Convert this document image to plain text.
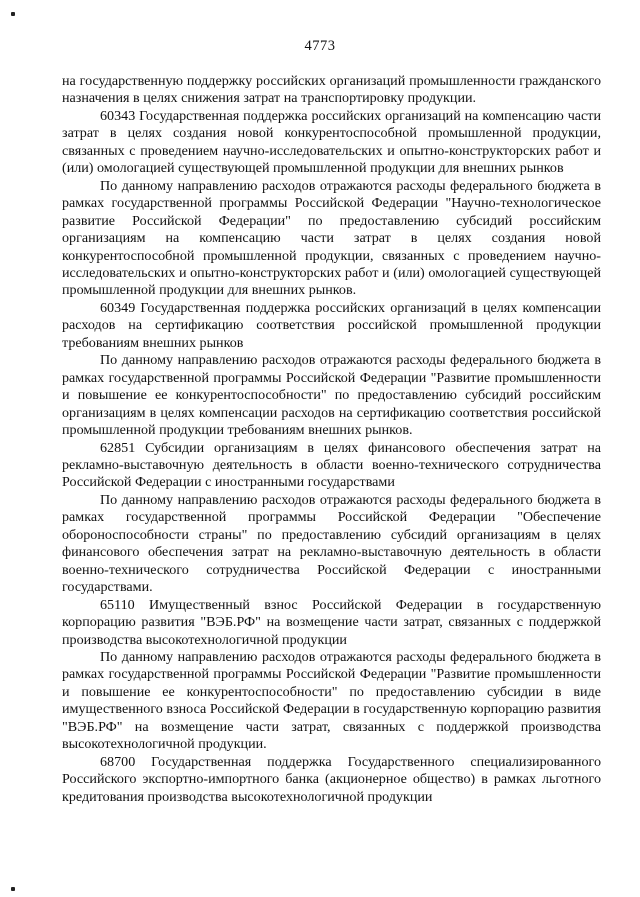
4773

на государственную поддержку российских организаций промышленности гражданского назначения в целях снижения затрат на транспортировку продукции.

60343 Государственная поддержка российских организаций на компенсацию части затрат в целях создания новой конкурентоспособной промышленной продукции, связанных с проведением научно-исследовательских и опытно-конструкторских работ и (или) омологацией существующей промышленной продукции для внешних рынков

По данному направлению расходов отражаются расходы федерального бюджета в рамках государственной программы Российской Федерации "Научно-технологическое развитие Российской Федерации" по предоставлению субсидий российским организациям на компенсацию части затрат в целях создания новой конкурентоспособной промышленной продукции, связанных с проведением научно-исследовательских и опытно-конструкторских работ и (или) омологацией существующей промышленной продукции для внешних рынков.

60349 Государственная поддержка российских организаций в целях компенсации расходов на сертификацию соответствия российской промышленной продукции требованиям внешних рынков

По данному направлению расходов отражаются расходы федерального бюджета в рамках государственной программы Российской Федерации "Развитие промышленности и повышение ее конкурентоспособности" по предоставлению субсидий российским организациям в целях компенсации расходов на сертификацию соответствия российской промышленной продукции требованиям внешних рынков.

62851 Субсидии организациям в целях финансового обеспечения затрат на рекламно-выставочную деятельность в области военно-технического сотрудничества Российской Федерации с иностранными государствами

По данному направлению расходов отражаются расходы федерального бюджета в рамках государственной программы Российской Федерации "Обеспечение обороноспособности страны" по предоставлению субсидий организациям в целях финансового обеспечения затрат на рекламно-выставочную деятельность в области военно-технического сотрудничества Российской Федерации с иностранными государствами.

65110 Имущественный взнос Российской Федерации в государственную корпорацию развития "ВЭБ.РФ" на возмещение части затрат, связанных с поддержкой производства высокотехнологичной продукции

По данному направлению расходов отражаются расходы федерального бюджета в рамках государственной программы Российской Федерации "Развитие промышленности и повышение ее конкурентоспособности" по предоставлению субсидии в виде имущественного взноса Российской Федерации в государственную корпорацию развития "ВЭБ.РФ" на возмещение части затрат, связанных с поддержкой производства высокотехнологичной продукции.

68700 Государственная поддержка Государственного специализированного Российского экспортно-импортного банка (акционерное общество) в рамках льготного кредитования производства высокотехнологичной продукции
